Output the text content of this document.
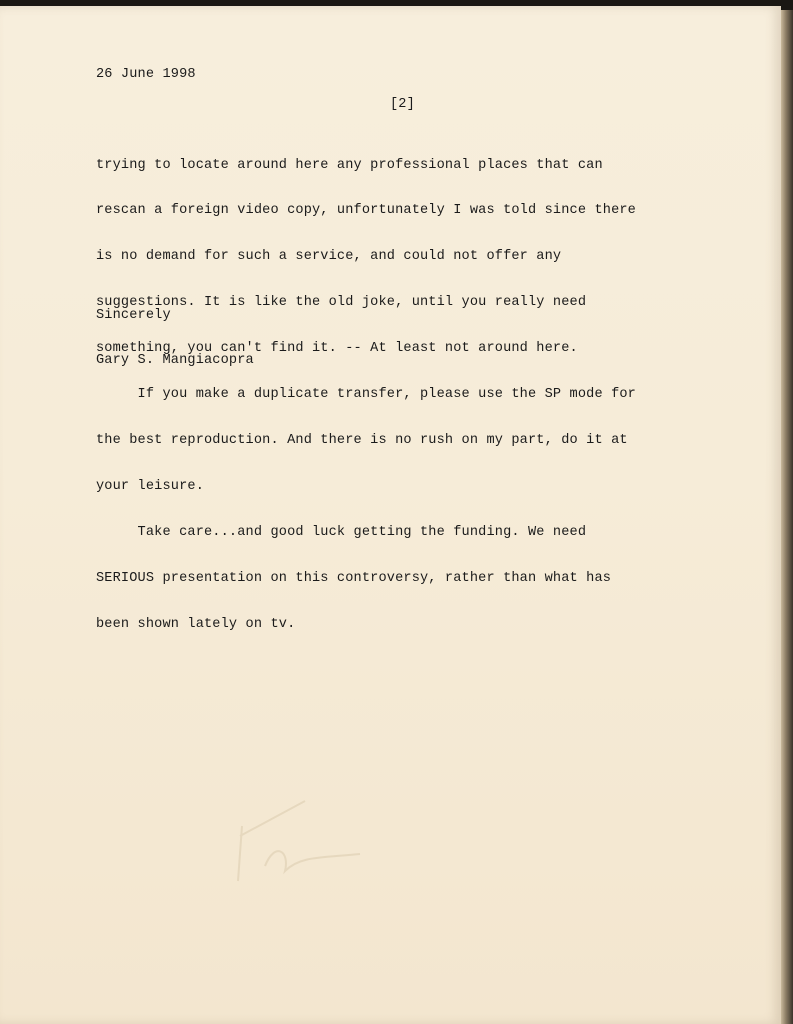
26 June 1998
[2]

trying to locate around here any professional places that can

rescan a foreign video copy, unfortunately I was told since there

is no demand for such a service, and could not offer any

suggestions. It is like the old joke, until you really need

something, you can't find it. -- At least not around here.

If you make a duplicate transfer, please use the SP mode for

the best reproduction. And there is no rush on my part, do it at

your leisure.

Take care...and good luck getting the funding. We need

SERIOUS presentation on this controversy, rather than what has

been shown lately on tv.

Sincerely
Gary S. Mangiacopra
